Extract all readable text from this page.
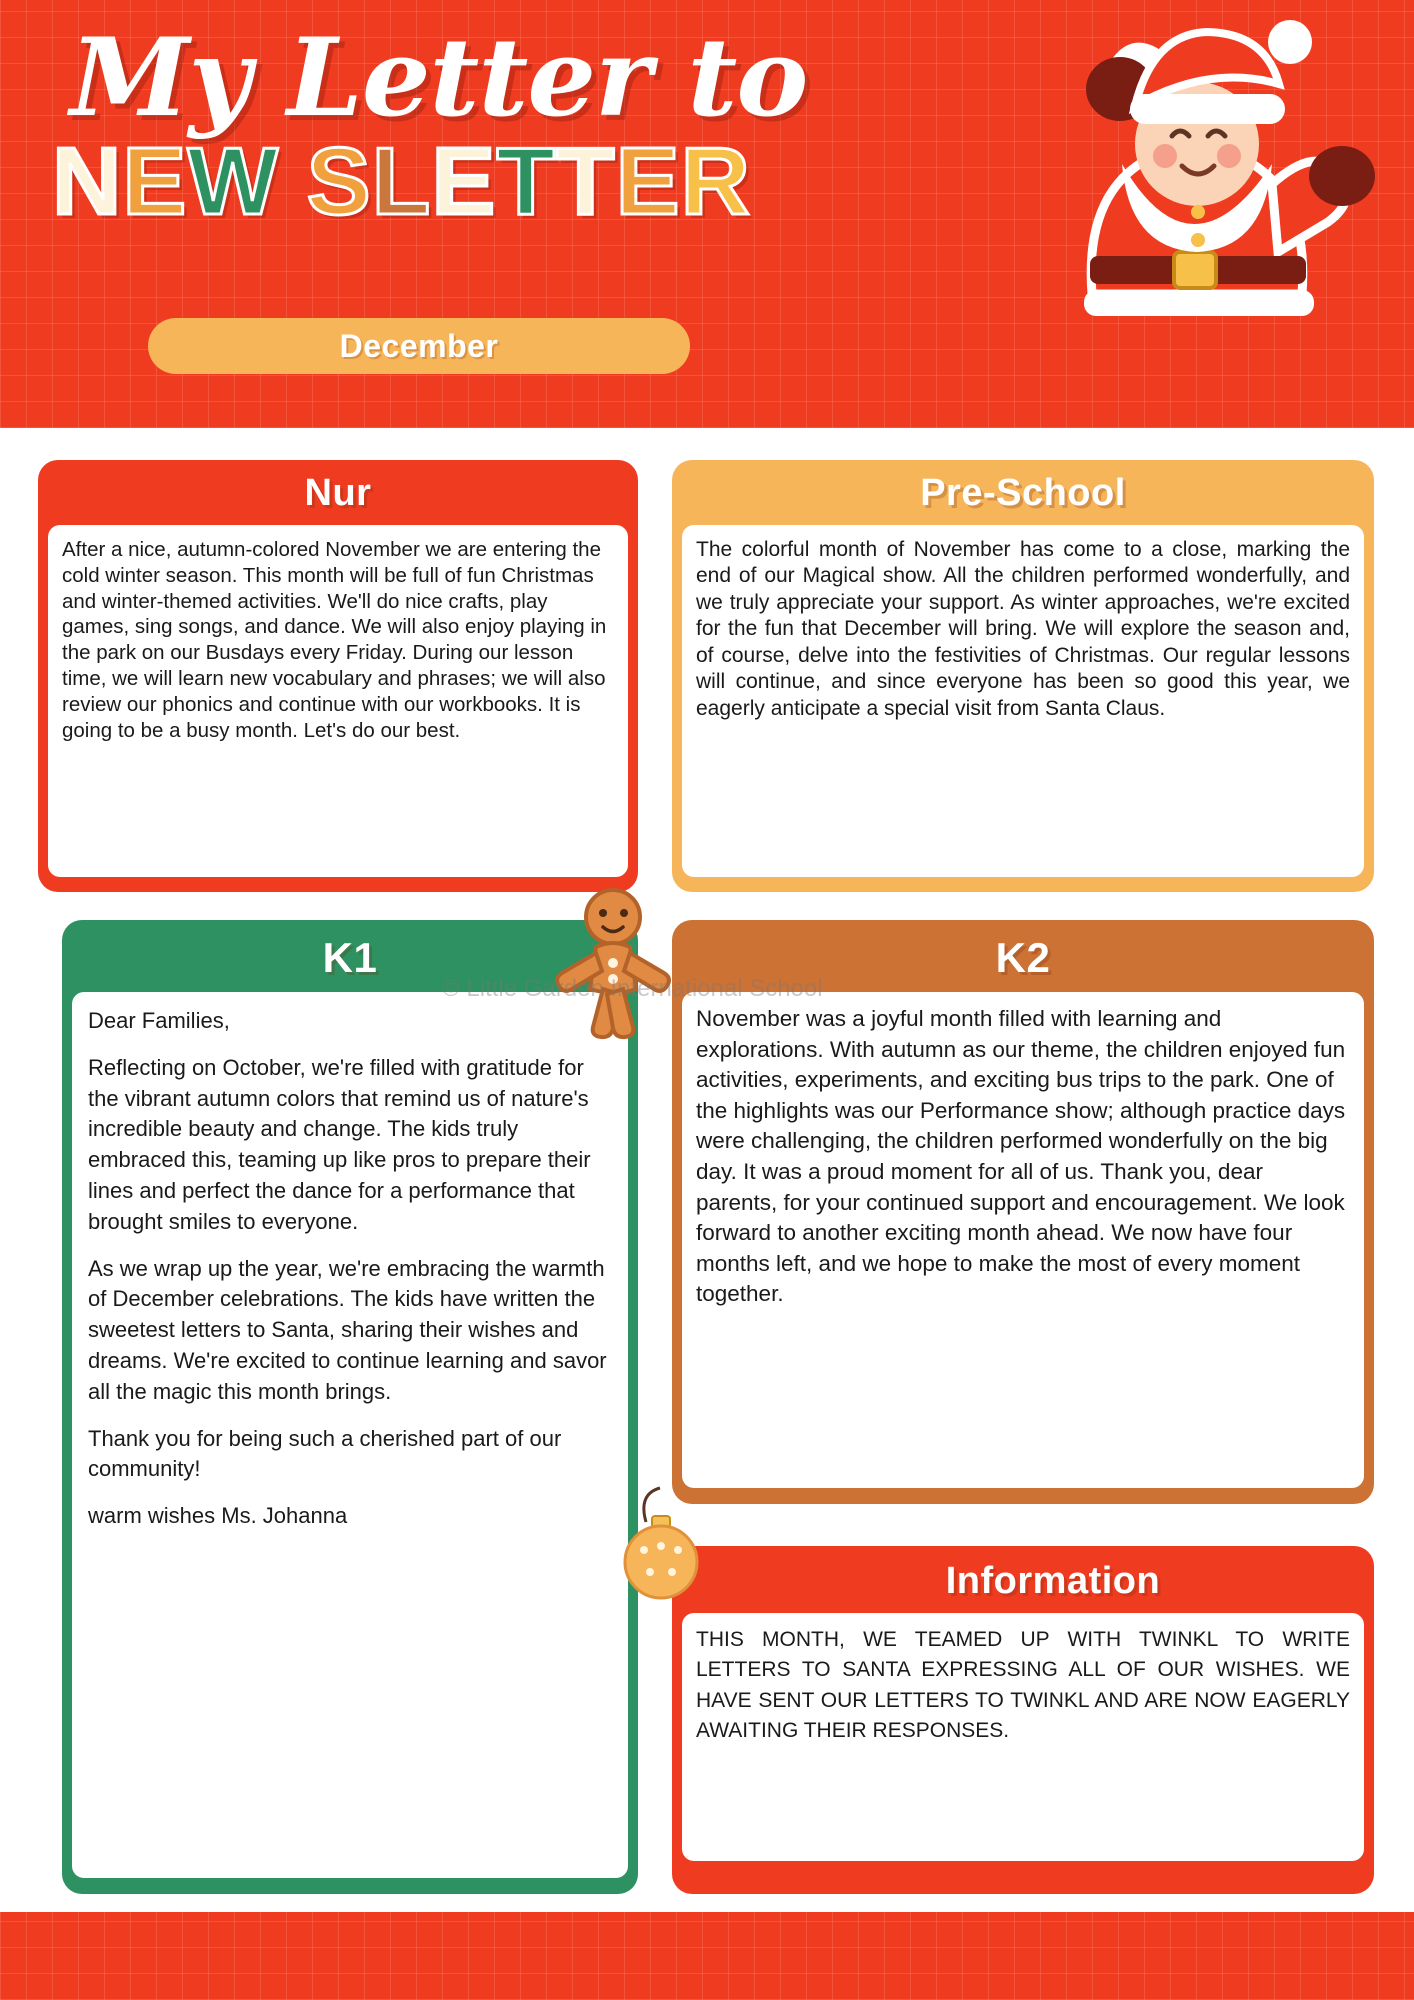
My Letter to
NEW SLETTER
December
Nur

After a nice, autumn-colored November we are entering the cold winter season. This month will be full of fun Christmas and winter-themed activities. We'll do nice crafts, play games, sing songs, and dance. We will also enjoy playing in the park on our Busdays every Friday. During our lesson time, we will learn new vocabulary and phrases; we will also review our phonics and continue with our workbooks. It is going to be a busy month. Let's do our best.

Pre-School

The colorful month of November has come to a close, marking the end of our Magical show. All the children performed wonderfully, and we truly appreciate your support. As winter approaches, we're excited for the fun that December will bring. We will explore the season and, of course, delve into the festivities of Christmas. Our regular lessons will continue, and since everyone has been so good this year, we eagerly anticipate a special visit from Santa Claus.

K1

Dear Families,

Reflecting on October, we're filled with gratitude for the vibrant autumn colors that remind us of nature's incredible beauty and change. The kids truly embraced this, teaming up like pros to prepare their lines and perfect the dance for a performance that brought smiles to everyone.

As we wrap up the year, we're embracing the warmth of December celebrations. The kids have written the sweetest letters to Santa, sharing their wishes and dreams. We're excited to continue learning and savor all the magic this month brings.

Thank you for being such a cherished part of our community!

warm wishes Ms. Johanna

K2

November was a joyful month filled with learning and explorations. With autumn as our theme, the children enjoyed fun activities, experiments, and exciting bus trips to the park. One of the highlights was our Performance show; although practice days were challenging, the children performed wonderfully on the big day. It was a proud moment for all of us. Thank you, dear parents, for your continued support and encouragement. We look forward to another exciting month ahead. We now have four months left, and we hope to make the most of every moment together.

Information

THIS MONTH, WE TEAMED UP WITH TWINKL TO WRITE LETTERS TO SANTA EXPRESSING ALL OF OUR WISHES. WE HAVE SENT OUR LETTERS TO TWINKL AND ARE NOW EAGERLY AWAITING THEIR RESPONSES.

© Little Garden International School
